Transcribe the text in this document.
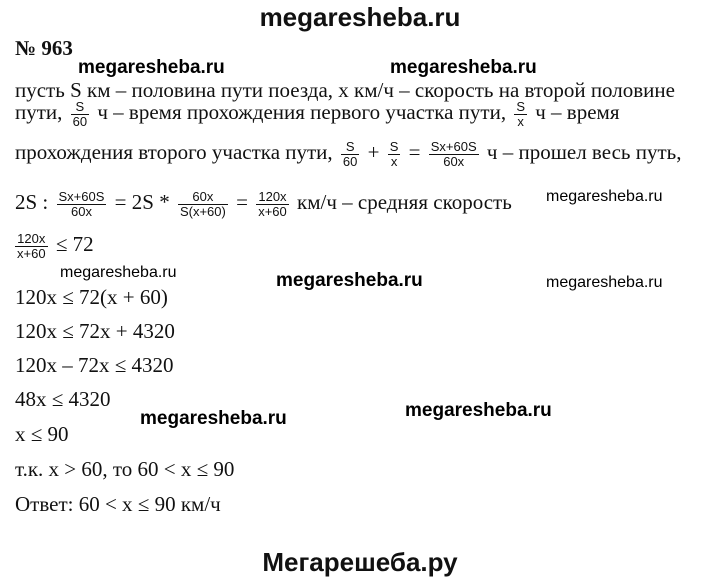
megaresheba.ru
№ 963
megaresheba.ru	megaresheba.ru
пусть S км – половина пути поезда, x км/ч – скорость на второй половине
пути, $\frac{S}{60}$ ч – время прохождения первого участка пути, $\frac{S}{x}$ ч – время
прохождения второго участка пути, $\frac{S}{60} + \frac{S}{x} = \frac{Sx+60S}{60x}$ ч – прошел весь путь,
megaresheba.ru
2S : $\frac{Sx+60S}{60x} = 2S * \frac{60x}{S(x+60)} = \frac{120x}{x+60} км/ч$ – средняя скорость
$\frac{120x}{x+60} \le 72$
megaresheba.ru	megaresheba.ru	megaresheba.ru
120x ≤ 72(x + 60)
120x ≤ 72x + 4320
120x – 72x ≤ 4320
48x ≤ 4320	megaresheba.ru
megaresheba.ru
x ≤ 90
т.к. x > 60, то 60 < x ≤ 90
Ответ: 60 < x ≤ 90 км/ч
Мегарешеба.ру
